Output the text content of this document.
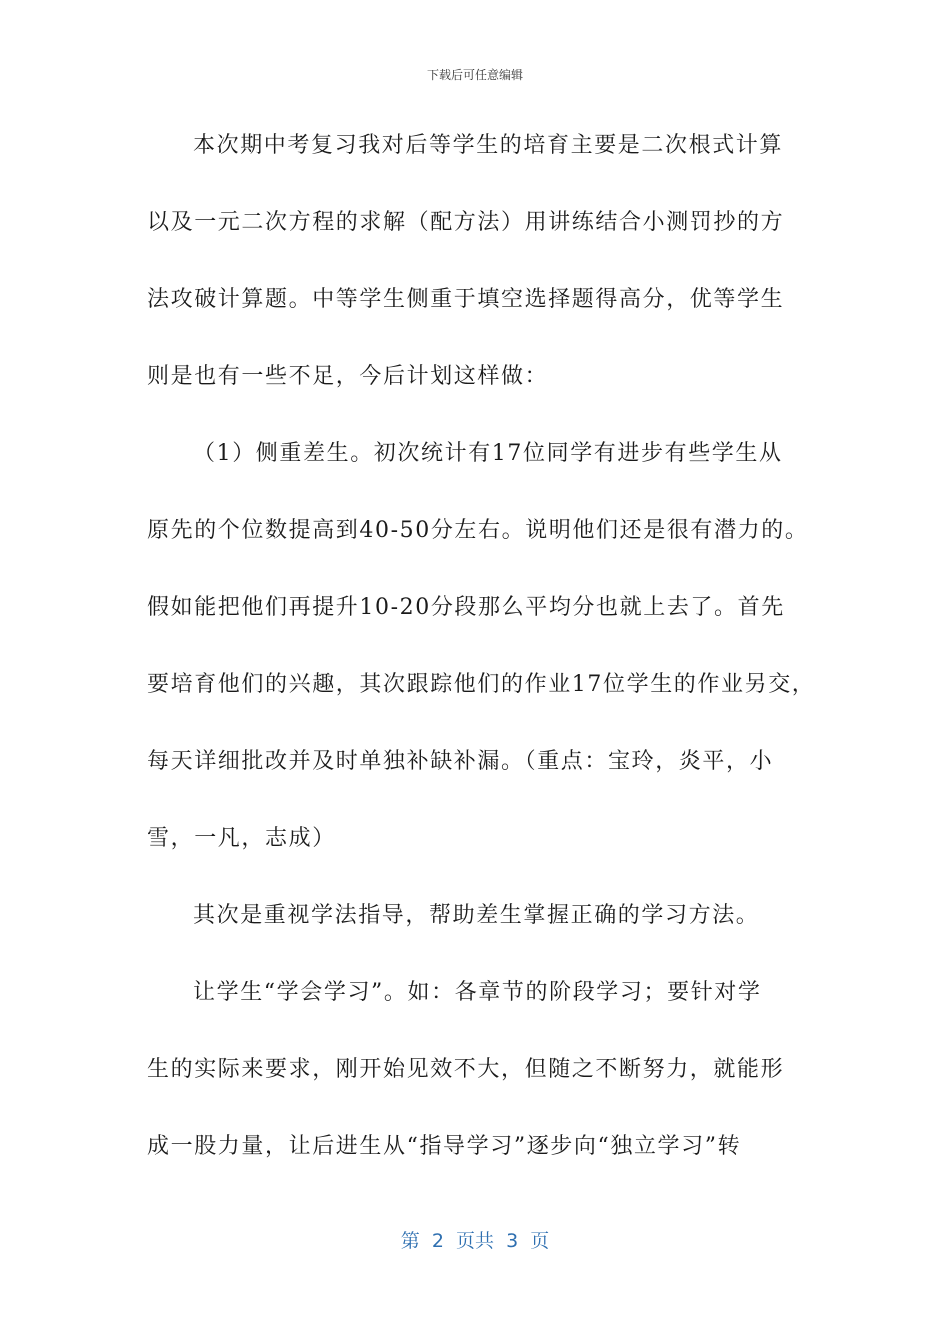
下载后可任意编辑
本次期中考复习我对后等学生的培育主要是二次根式计算
以及一元二次方程的求解（配方法）用讲练结合小测罚抄的方
法攻破计算题。中等学生侧重于填空选择题得高分，优等学生
则是也有一些不足，今后计划这样做：
（1）侧重差生。初次统计有17位同学有进步有些学生从
原先的个位数提高到40-50分左右。说明他们还是很有潜力的。
假如能把他们再提升10-20分段那么平均分也就上去了。首先
要培育他们的兴趣，其次跟踪他们的作业17位学生的作业另交，
每天详细批改并及时单独补缺补漏。（重点：宝玲，炎平，小
雪，一凡，志成）
其次是重视学法指导，帮助差生掌握正确的学习方法。
让学生“学会学习”。如：各章节的阶段学习；要针对学
生的实际来要求，刚开始见效不大，但随之不断努力，就能形
成一股力量，让后进生从“指导学习”逐步向“独立学习”转
第  2  页共  3  页
